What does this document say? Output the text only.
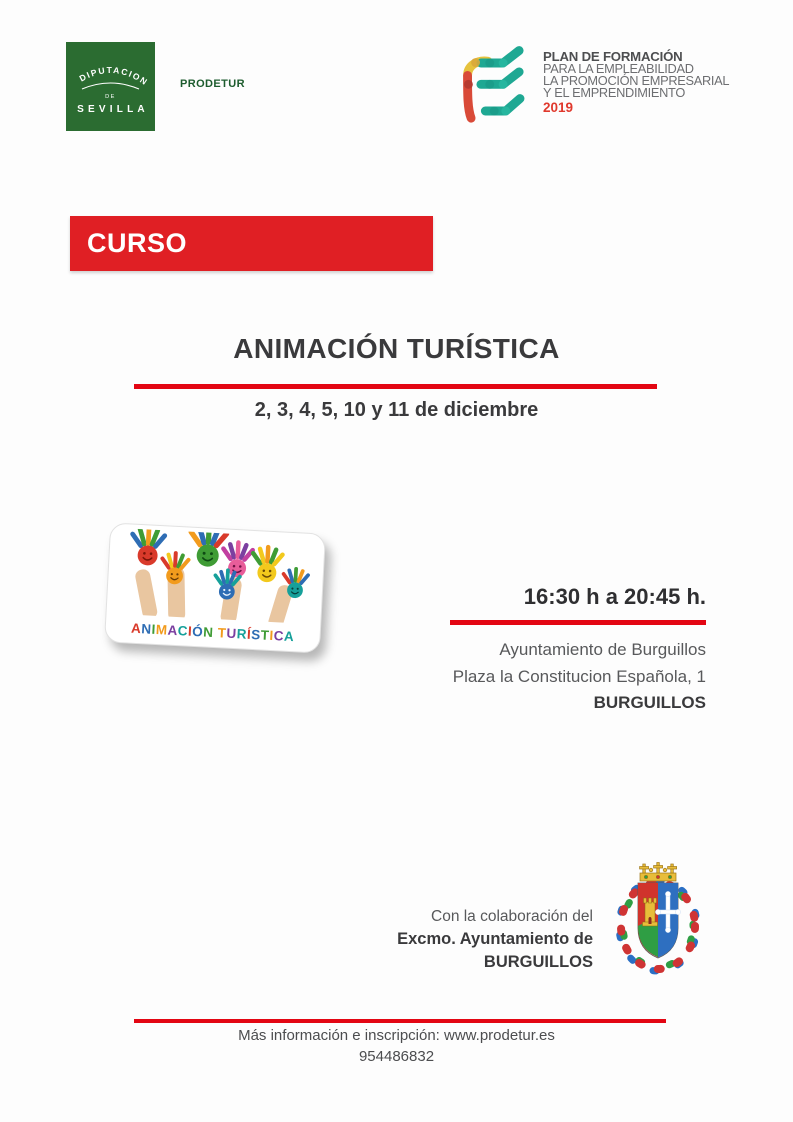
DIPUTACION
DE
SEVILLA
PRODETUR
PLAN DE FORMACIÓN
PARA LA EMPLEABILIDAD
LA PROMOCIÓN EMPRESARIAL
Y EL EMPRENDIMIENTO
2019
CURSO
ANIMACIÓN TURÍSTICA
2, 3, 4, 5, 10 y 11 de diciembre
ANIMACIÓN TURÍSTICA
16:30 h a 20:45 h.
Ayuntamiento de Burguillos
Plaza la Constitucion Española, 1
BURGUILLOS
Con la colaboración del
Excmo. Ayuntamiento de
BURGUILLOS
Más información e inscripción: www.prodetur.es
954486832
